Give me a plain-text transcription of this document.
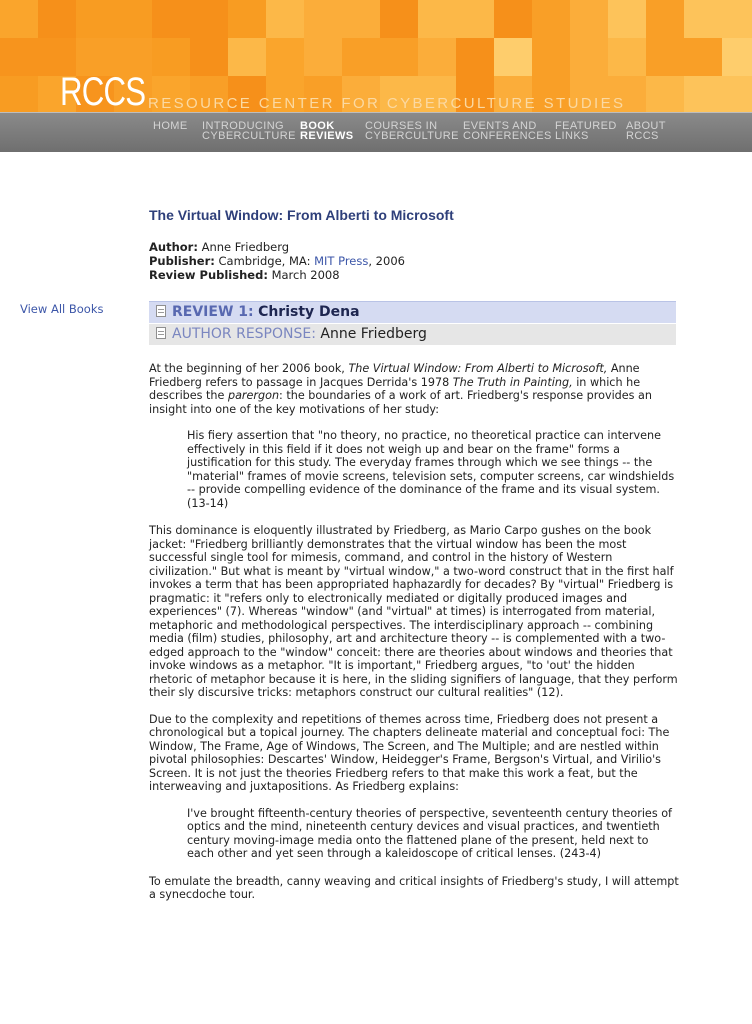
RCCS RESOURCE CENTER FOR CYBERCULTURE STUDIES
HOME INTRODUCING
CYBERCULTURE
BOOK
REVIEWS
COURSES IN
CYBERCULTURE
EVENTS AND
CONFERENCES
FEATURED
LINKS
ABOUT
RCCS
The Virtual Window: From Alberti to Microsoft
Author: Anne Friedberg
Publisher: Cambridge, MA: MIT Press, 2006
Review Published: March 2008
View All Books	REVIEW 1: Christy Dena
AUTHOR RESPONSE: Anne Friedberg

At the beginning of her 2006 book, The Virtual Window: From Alberti to Microsoft, Anne Friedberg refers to passage in Jacques Derrida's 1978 The Truth in Painting, in which he describes the parergon: the boundaries of a work of art. Friedberg's response provides an insight into one of the key motivations of her study:

His fiery assertion that "no theory, no practice, no theoretical practice can intervene effectively in this field if it does not weigh up and bear on the frame" forms a justification for this study. The everyday frames through which we see things -- the "material" frames of movie screens, television sets, computer screens, car windshields -- provide compelling evidence of the dominance of the frame and its visual system. (13-14)

This dominance is eloquently illustrated by Friedberg, as Mario Carpo gushes on the book jacket: "Friedberg brilliantly demonstrates that the virtual window has been the most successful single tool for mimesis, command, and control in the history of Western civilization." But what is meant by "virtual window," a two-word construct that in the first half invokes a term that has been appropriated haphazardly for decades? By "virtual" Friedberg is pragmatic: it "refers only to electronically mediated or digitally produced images and experiences" (7). Whereas "window" (and "virtual" at times) is interrogated from material, metaphoric and methodological perspectives. The interdisciplinary approach -- combining media (film) studies, philosophy, art and architecture theory -- is complemented with a two-edged approach to the "window" conceit: there are theories about windows and theories that invoke windows as a metaphor. "It is important," Friedberg argues, "to 'out' the hidden rhetoric of metaphor because it is here, in the sliding signifiers of language, that they perform their sly discursive tricks: metaphors construct our cultural realities" (12).

Due to the complexity and repetitions of themes across time, Friedberg does not present a chronological but a topical journey. The chapters delineate material and conceptual foci: The Window, The Frame, Age of Windows, The Screen, and The Multiple; and are nestled within pivotal philosophies: Descartes' Window, Heidegger's Frame, Bergson's Virtual, and Virilio's Screen. It is not just the theories Friedberg refers to that make this work a feat, but the interweaving and juxtapositions. As Friedberg explains:

I've brought fifteenth-century theories of perspective, seventeenth century theories of optics and the mind, nineteenth century devices and visual practices, and twentieth century moving-image media onto the flattened plane of the present, held next to each other and yet seen through a kaleidoscope of critical lenses. (243-4)

To emulate the breadth, canny weaving and critical insights of Friedberg's study, I will attempt a synecdoche tour.
